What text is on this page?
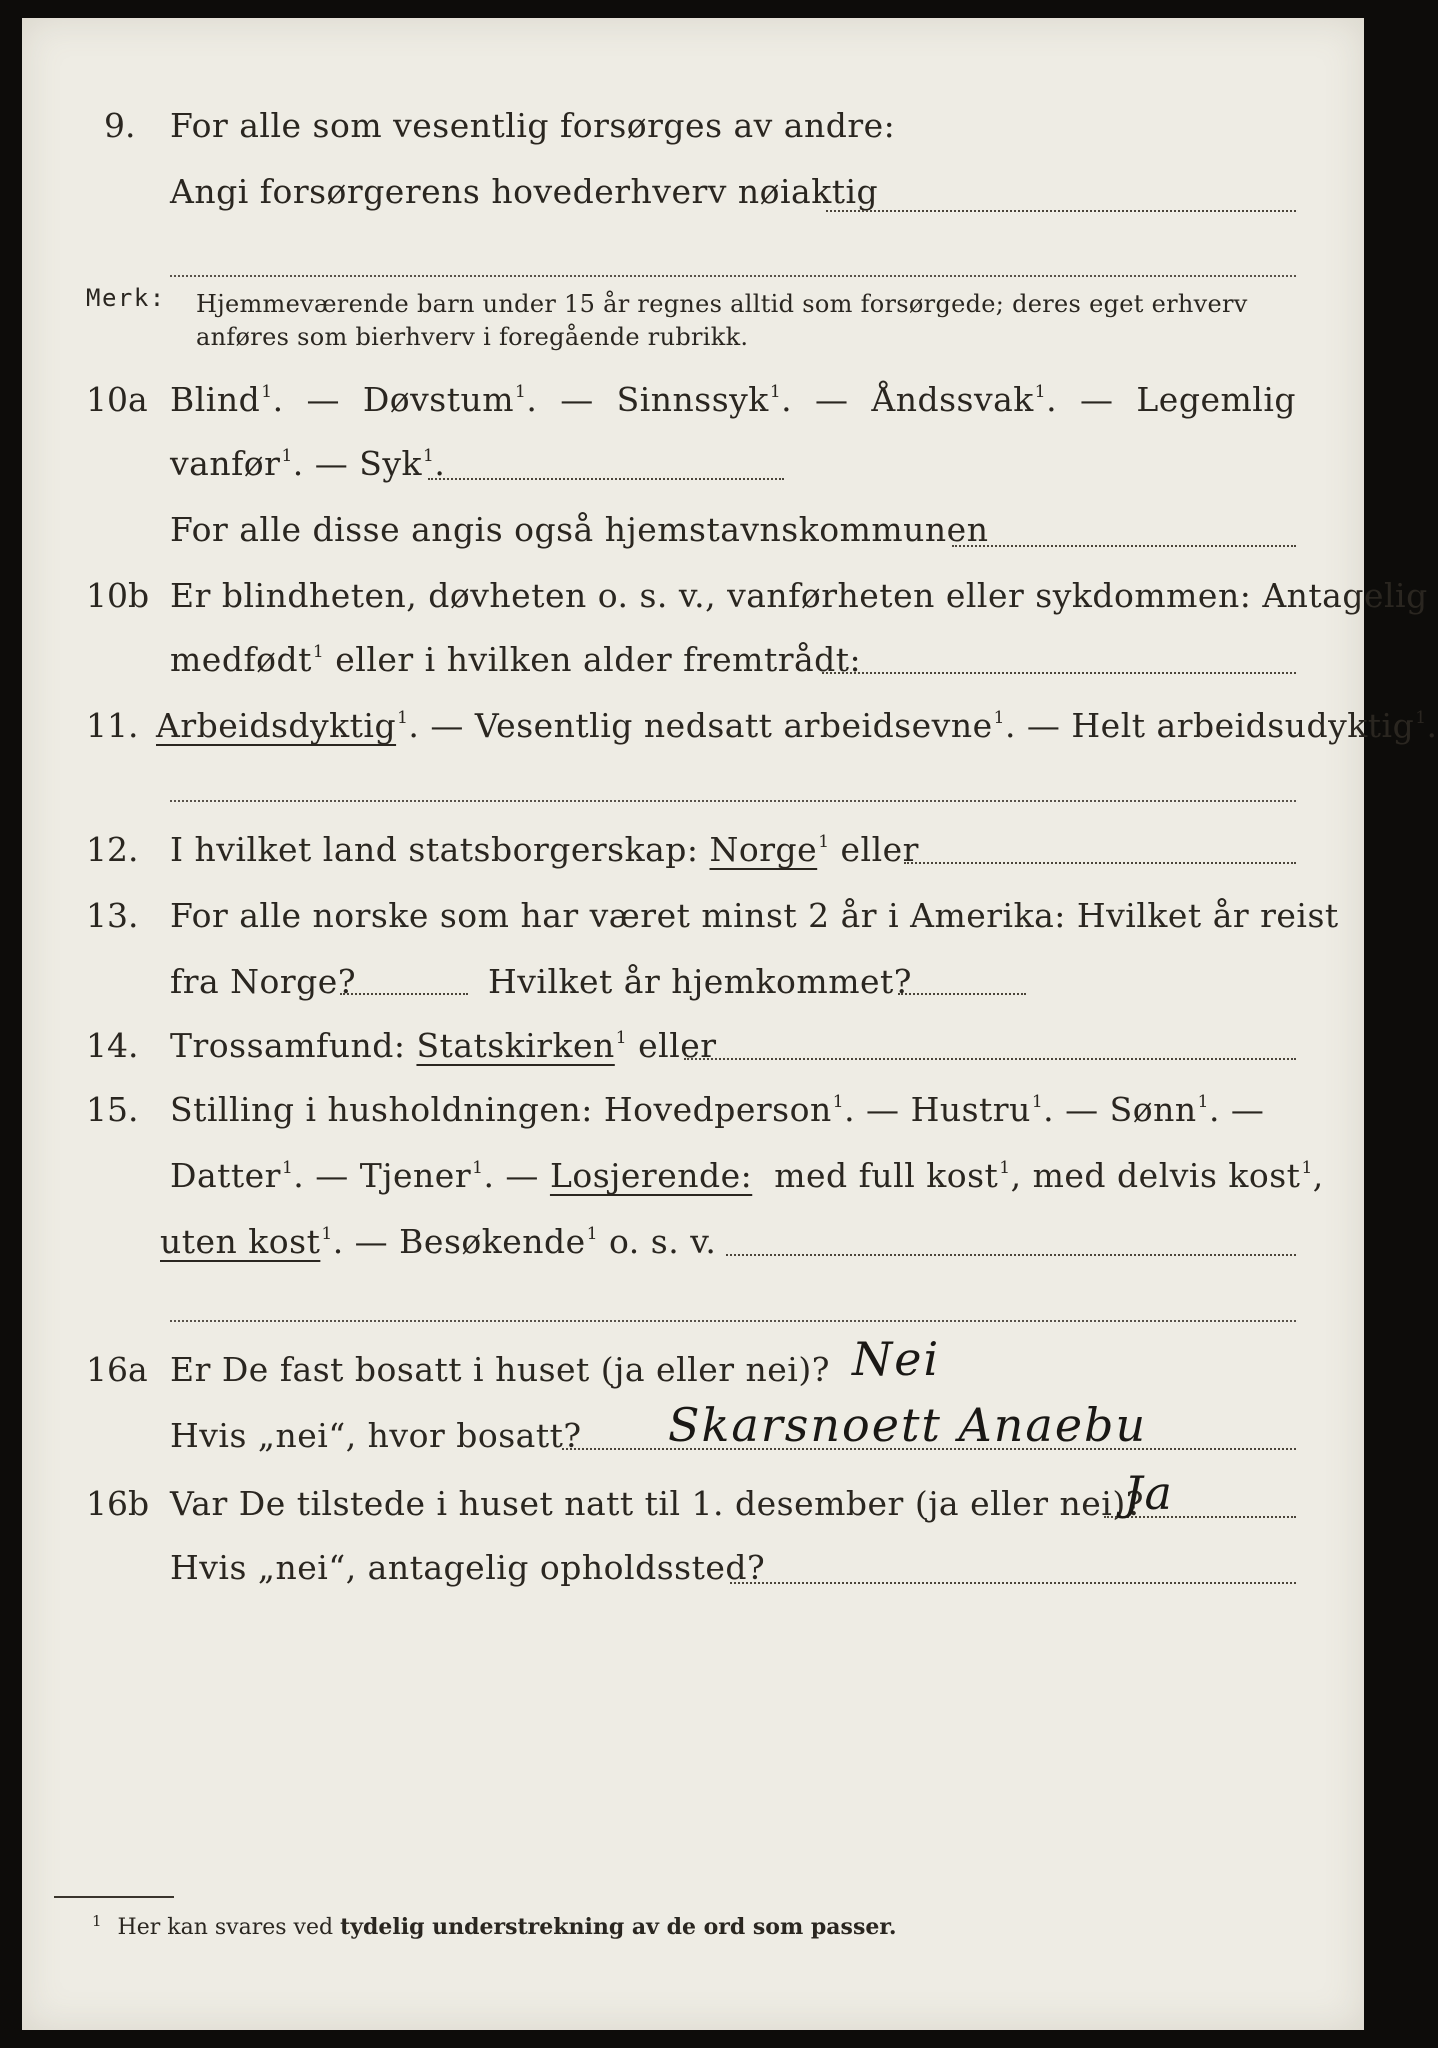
9. For alle som vesentlig forsørges av andre:
Angi forsørgerens hovederhverv nøiaktig
Merk: Hjemmeværende barn under 15 år regnes alltid som forsørgede; deres eget erhverv
anføres som bierhverv i foregående rubrikk.
10a Blind$^1$. — Døvstum$^1$. — Sinnssyk$^1$. — Åndssvak$^1$. — Legemlig
vanfør$^1$. — Syk$^1$.
For alle disse angis også hjemstavnskommunen
10b Er blindheten, døvheten o. s. v., vanførheten eller sykdommen: Antagelig
medfødt$^1$ eller i hvilken alder fremtrådt:
11. Arbeidsdyktig$^1$. — Vesentlig nedsatt arbeidsevne$^1$. — Helt arbeidsudyktig$^1$.
12. I hvilket land statsborgerskap: Norge$^1$ eller
13. For alle norske som har været minst 2 år i Amerika: Hvilket år reist
fra Norge?	Hvilket år hjemkommet?
14. Trossamfund: Statskirken$^1$ eller
15. Stilling i husholdningen: Hovedperson$^1$. — Hustru$^1$. — Sønn$^1$. —
Datter$^1$. — Tjener$^1$. — Losjerende: med full kost$^1$, med delvis kost$^1$,
uten kost$^1$. — Besøkende$^1$ o. s. v.
16a Er De fast bosatt i huset (ja eller nei)? Nei
Hvis „nei“, hvor bosatt? Skarsnoett Anaebu
16b Var De tilstede i huset natt til 1. desember (ja eller nei)?
Ja
Hvis „nei“, antagelig opholdssted?
$^1$ Her kan svares ved tydelig understrekning av de ord som passer.
